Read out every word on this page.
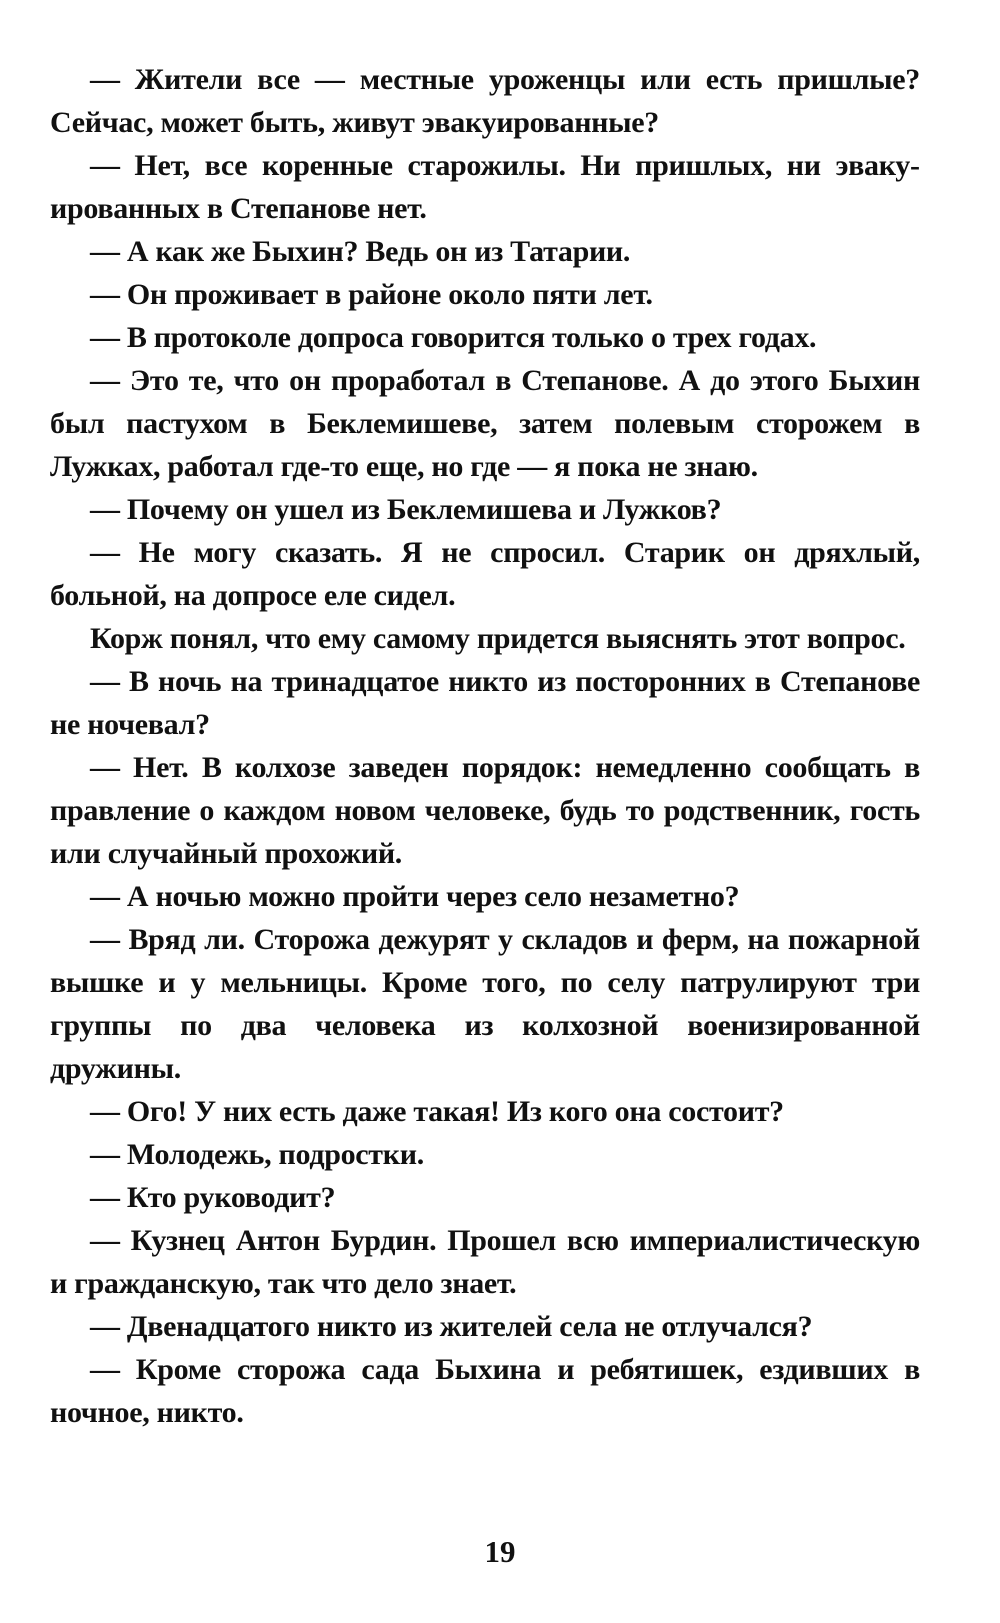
— Жители все — местные уроженцы или есть пришлые? Сейчас, может быть, живут эвакуированные?

— Нет, все коренные старожилы. Ни пришлых, ни эвакуированных в Степанове нет.

— А как же Быхин? Ведь он из Татарии.

— Он проживает в районе около пяти лет.

— В протоколе допроса говорится только о трех годах.

— Это те, что он проработал в Степанове. А до этого Быхин был пастухом в Беклемишеве, затем полевым сторожем в Лужках, работал где-то еще, но где — я пока не знаю.

— Почему он ушел из Беклемишева и Лужков?

— Не могу сказать. Я не спросил. Старик он дряхлый, больной, на допросе еле сидел.

Корж понял, что ему самому придется выяснять этот вопрос.

— В ночь на тринадцатое никто из посторонних в Степанове не ночевал?

— Нет. В колхозе заведен порядок: немедленно сообщать в правление о каждом новом человеке, будь то родственник, гость или случайный прохожий.

— А ночью можно пройти через село незаметно?

— Вряд ли. Сторожа дежурят у складов и ферм, на пожарной вышке и у мельницы. Кроме того, по селу патрулируют три группы по два человека из колхозной военизированной дружины.

— Ого! У них есть даже такая! Из кого она состоит?

— Молодежь, подростки.

— Кто руководит?

— Кузнец Антон Бурдин. Прошел всю империалистическую и гражданскую, так что дело знает.

— Двенадцатого никто из жителей села не отлучался?

— Кроме сторожа сада Быхина и ребятишек, ездивших в ночное, никто.

19
